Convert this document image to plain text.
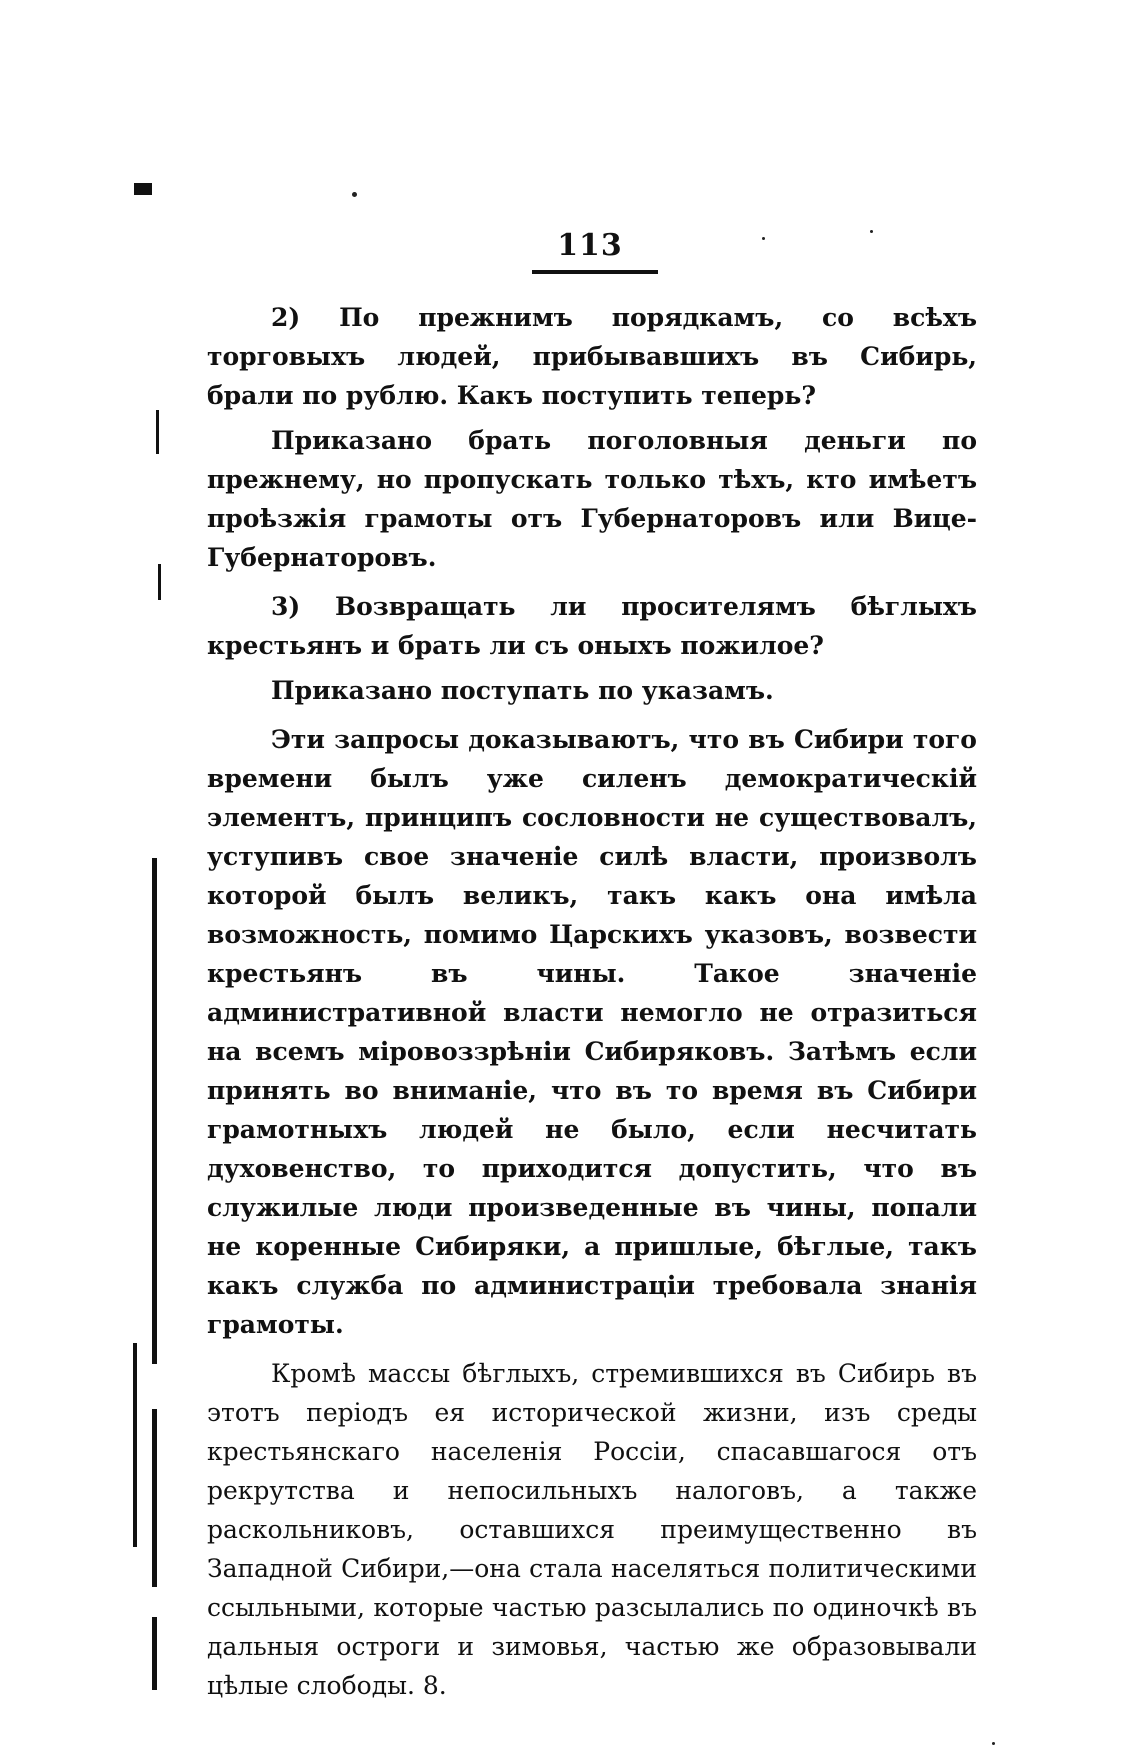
113

2) По прежнимъ порядкамъ, со всѣхъ торговыхъ людей, прибывавшихъ въ Сибирь, брали по рублю. Какъ поступить теперь?

Приказано брать поголовныя деньги по прежнему, но пропускать только тѣхъ, кто имѣетъ проѣзжія грамоты отъ Губернаторовъ или Вице-Губернаторовъ.

3) Возвращать ли просителямъ бѣглыхъ крестьянъ и брать ли съ оныхъ пожилое?

Приказано поступать по указамъ.

Эти запросы доказываютъ, что въ Сибири того времени былъ уже силенъ демократическій элементъ, принципъ сословности не существовалъ, уступивъ свое значеніе силѣ власти, произволъ которой былъ великъ, такъ какъ она имѣла возможность, помимо Царскихъ указовъ, возвести крестьянъ въ чины. Такое значеніе административной власти немогло не отразиться на всемъ міровоззрѣніи Сибиряковъ. Затѣмъ если принять во вниманіе, что въ то время въ Сибири грамотныхъ людей не было, если несчитать духовенство, то приходится допустить, что въ служилые люди произведенные въ чины, попали не коренные Сибиряки, а пришлые, бѣглые, такъ какъ служба по администраціи требовала знанія грамоты.

Кромѣ массы бѣглыхъ, стремившихся въ Сибирь въ этотъ періодъ ея исторической жизни, изъ среды крестьянскаго населенія Россіи, спасавшагося отъ рекрутства и непосильныхъ налоговъ, а также раскольниковъ, оставшихся преимущественно въ Западной Сибири,—она стала населяться политическими ссыльными, которые частью разсылались по одиночкѣ въ дальныя остроги и зимовья, частью же образовывали цѣлые слободы. 8.
